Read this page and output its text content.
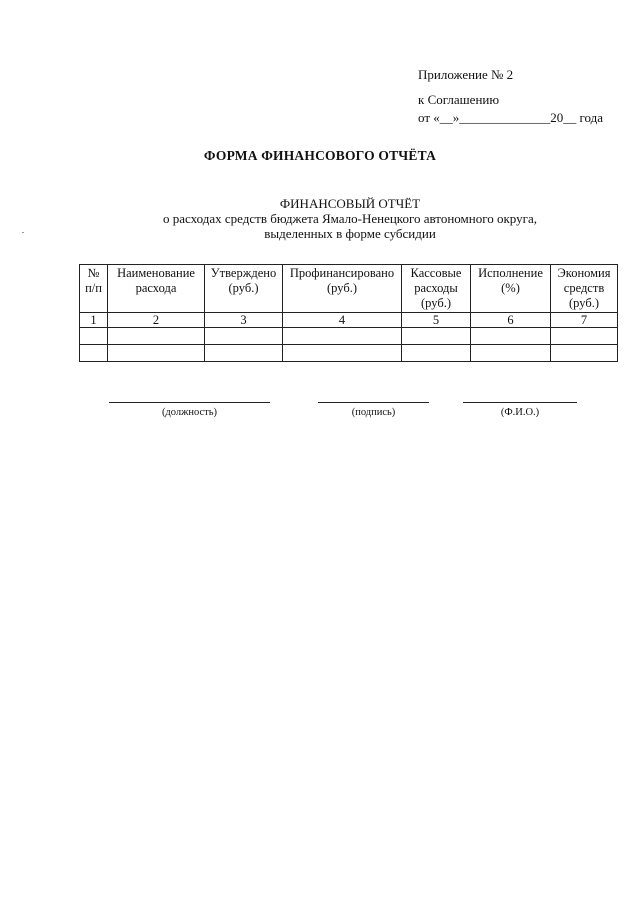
Приложение № 2
к Соглашению
от «__»______________20__ года
ФОРМА ФИНАНСОВОГО ОТЧЁТА
ФИНАНСОВЫЙ ОТЧЁТ
о расходах средств бюджета Ямало-Ненецкого автономного округа,
выделенных в форме субсидии
№ п/п	Наименование расхода	Утверждено (руб.)	Профинансировано (руб.)	Кассовые расходы (руб.)	Исполнение (%)	Экономия средств (руб.)
1	2	3	4	5	6	7

(должность)	(подпись)	(Ф.И.О.)
